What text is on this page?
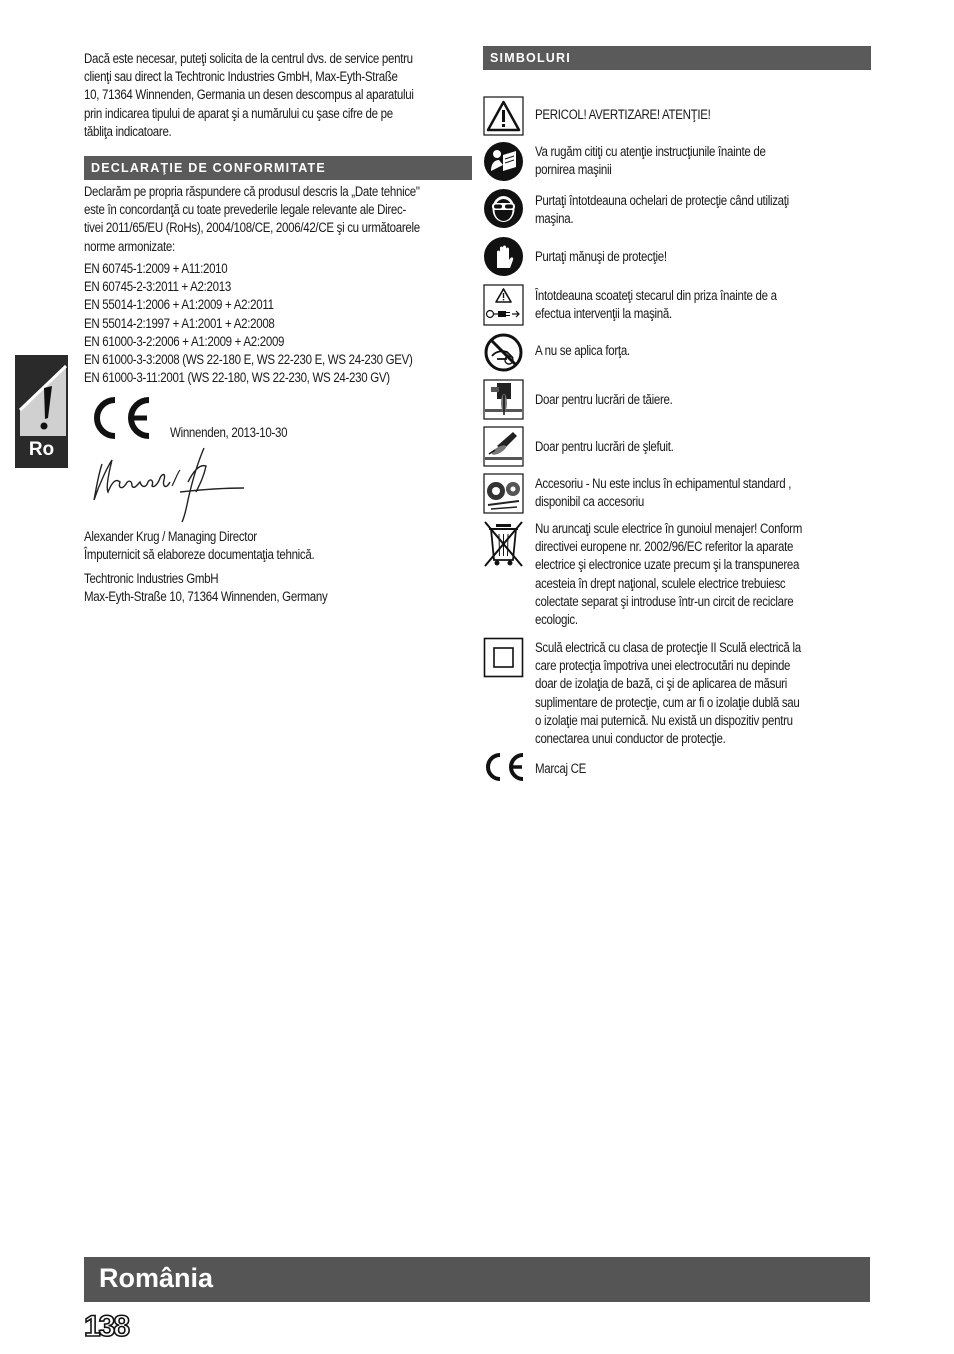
Dacă este necesar, puteţi solicita de la centrul dvs. de service pentru
clienţi sau direct la Techtronic Industries GmbH, Max-Eyth-Straße
10, 71364 Winnenden, Germania un desen descompus al aparatului
prin indicarea tipului de aparat şi a numărului cu şase cifre de pe
tăbliţa indicatoare.

DECLARAŢIE DE CONFORMITATE

Declarăm pe propria răspundere că produsul descris la „Date tehnice"
este în concordanţă cu toate prevederile legale relevante ale Direc-
tivei 2011/65/EU (RoHs), 2004/108/CE, 2006/42/CE şi cu următoarele
norme armonizate:

EN 60745-1:2009 + A11:2010
EN 60745-2-3:2011 + A2:2013
EN 55014-1:2006 + A1:2009 + A2:2011
EN 55014-2:1997 + A1:2001 + A2:2008
EN 61000-3-2:2006 + A1:2009 + A2:2009
EN 61000-3-3:2008 (WS 22-180 E, WS 22-230 E, WS 24-230 GEV)
EN 61000-3-11:2001 (WS 22-180, WS 22-230, WS 24-230 GV)
Winnenden, 2013-10-30

Alexander Krug / Managing Director
Împuternicit să elaboreze documentaţia tehnică.

Techtronic Industries GmbH
Max-Eyth-Straße 10, 71364 Winnenden, Germany

SIMBOLURI

PERICOL! AVERTIZARE! ATENŢIE!

Va rugăm citiţi cu atenţie instrucţiunile înainte de
pornirea maşinii

Purtaţi întotdeauna ochelari de protecţie când utilizaţi
maşina.

Purtaţi mănuşi de protecţie!

Întotdeauna scoateţi stecarul din priza înainte de a
efectua intervenţii la maşină.

A nu se aplica forţa.

Doar pentru lucrări de tăiere.

Doar pentru lucrări de şlefuit.

Accesoriu - Nu este inclus în echipamentul standard ,
disponibil ca accesoriu

Nu aruncaţi scule electrice în gunoiul menajer! Conform
directivei europene nr. 2002/96/EC referitor la aparate
electrice şi electronice uzate precum şi la transpunerea
acesteia în drept naţional, sculele electrice trebuiesc
colectate separat şi introduse într-un circit de reciclare
ecologic.

Sculă electrică cu clasa de protecţie II Sculă electrică la
care protecţia împotriva unei electrocutări nu depinde
doar de izolaţia de bază, ci şi de aplicarea de măsuri
suplimentare de protecţie, cum ar fi o izolaţie dublă sau
o izolaţie mai puternică. Nu există un dispozitiv pentru
conectarea unui conductor de protecţie.

Marcaj CE

Ro
România
138
